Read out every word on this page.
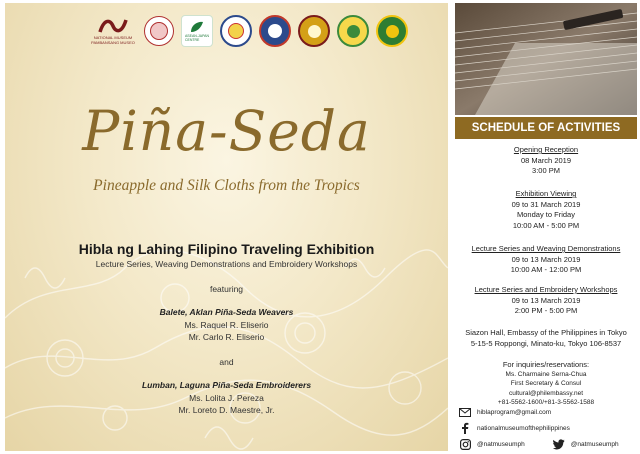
NATIONAL MUSEUM
PAMBANSANG MUSEO
ASEAN-JAPAN
CENTRE
Piña-Seda
Pineapple and Silk Cloths from the Tropics
Hibla ng Lahing Filipino Traveling Exhibition
Lecture Series, Weaving Demonstrations and Embroidery Workshops
featuring
Balete, Aklan Piña-Seda Weavers
Ms. Raquel R. Eliserio
Mr. Carlo R. Eliserio
and
Lumban, Laguna Piña-Seda Embroiderers
Ms. Lolita J. Pereza
Mr. Loreto D. Maestre, Jr.
SCHEDULE OF ACTIVITIES
Opening Reception
08 March 2019
3:00 PM
Exhibition Viewing
09 to 31 March 2019
Monday to Friday
10:00 AM - 5:00 PM
Lecture Series and Weaving Demonstrations
09 to 13 March 2019
10:00 AM - 12:00 PM
Lecture Series and Embroidery Workshops
09 to 13 March 2019
2:00 PM - 5:00 PM
Siazon Hall, Embassy of the Philippines in Tokyo
5-15-5 Roppongi, Minato-ku, Tokyo 106-8537
For inquiries/reservations:
Ms. Charmaine Serna-Chua
First Secretary & Consul
cultural@philembassy.net
+81-5562-1600/+81-3-5562-1588
hiblaprogram@gmail.com
nationalmuseumofthephilippines
@natmuseumph	@natmuseumph
